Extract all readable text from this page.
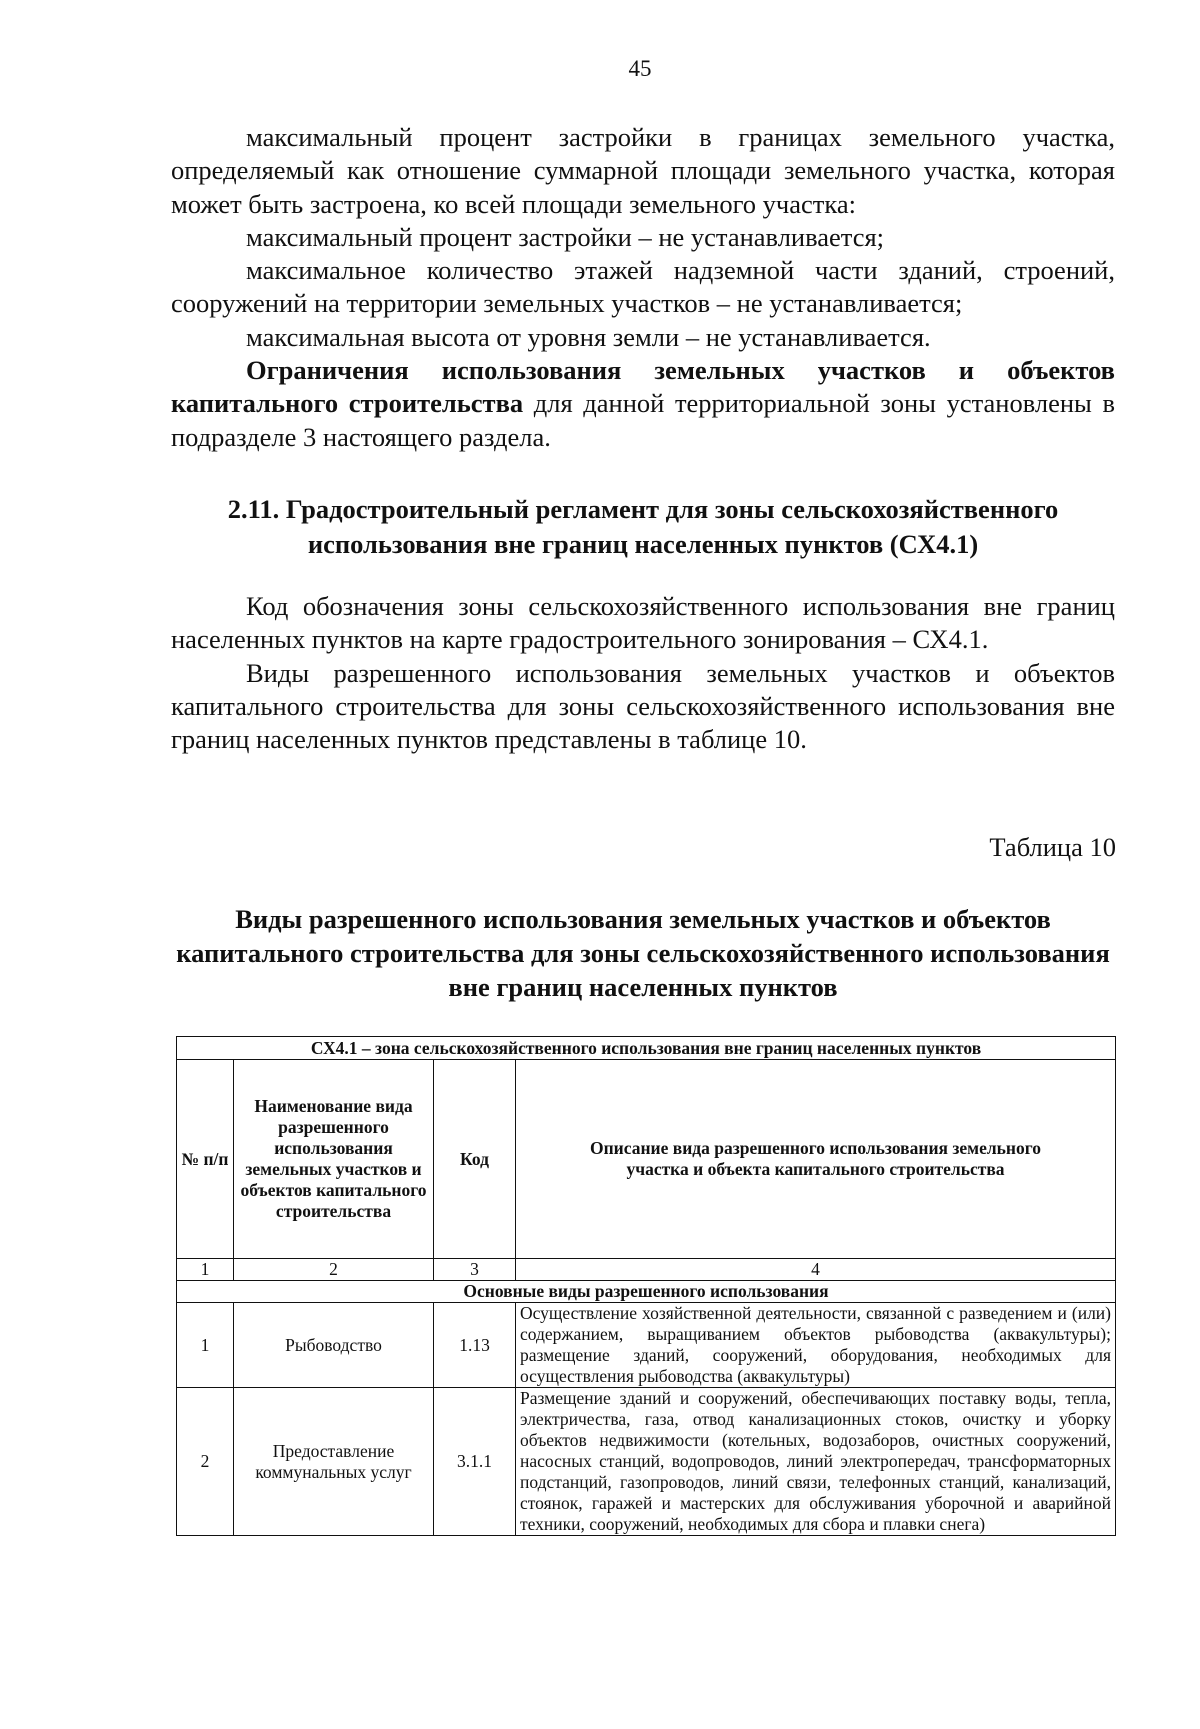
45

максимальный процент застройки в границах земельного участка, определяемый как отношение суммарной площади земельного участка, которая может быть застроена, ко всей площади земельного участка:

максимальный процент застройки – не устанавливается;

максимальное количество этажей надземной части зданий, строений, сооружений на территории земельных участков – не устанавливается;

максимальная высота от уровня земли – не устанавливается.

Ограничения использования земельных участков и объектов капитального строительства для данной территориальной зоны установлены в подразделе 3 настоящего раздела.

2.11. Градостроительный регламент для зоны сельскохозяйственного использования вне границ населенных пунктов (СХ4.1)

Код обозначения зоны сельскохозяйственного использования вне границ населенных пунктов на карте градостроительного зонирования – СХ4.1.

Виды разрешенного использования земельных участков и объектов капитального строительства для зоны сельскохозяйственного использования вне границ населенных пунктов представлены в таблице 10.

Таблица 10
Виды разрешенного использования земельных участков и объектов капитального строительства для зоны сельскохозяйственного использования вне границ населенных пунктов
СХ4.1 – зона сельскохозяйственного использования вне границ населенных пунктов			
№ п/п	Наименование вида разрешенного использования земельных участков и объектов капитального строительства	Код	Описание вида разрешенного использования земельного участка и объекта капитального строительства
1	2	3	4
Основные виды разрешенного использования			
1	Рыбоводство	1.13	Осуществление хозяйственной деятельности, связанной с разведением и (или) содержанием, выращиванием объектов рыбоводства (аквакультуры); размещение зданий, сооружений, оборудования, необходимых для осуществления рыбоводства (аквакультуры)
2	Предоставление коммунальных услуг	3.1.1	Размещение зданий и сооружений, обеспечивающих поставку воды, тепла, электричества, газа, отвод канализационных стоков, очистку и уборку объектов недвижимости (котельных, водозаборов, очистных сооружений, насосных станций, водопроводов, линий электропередач, трансформаторных подстанций, газопроводов, линий связи, телефонных станций, канализаций, стоянок, гаражей и мастерских для обслуживания уборочной и аварийной техники, сооружений, необходимых для сбора и плавки снега)
